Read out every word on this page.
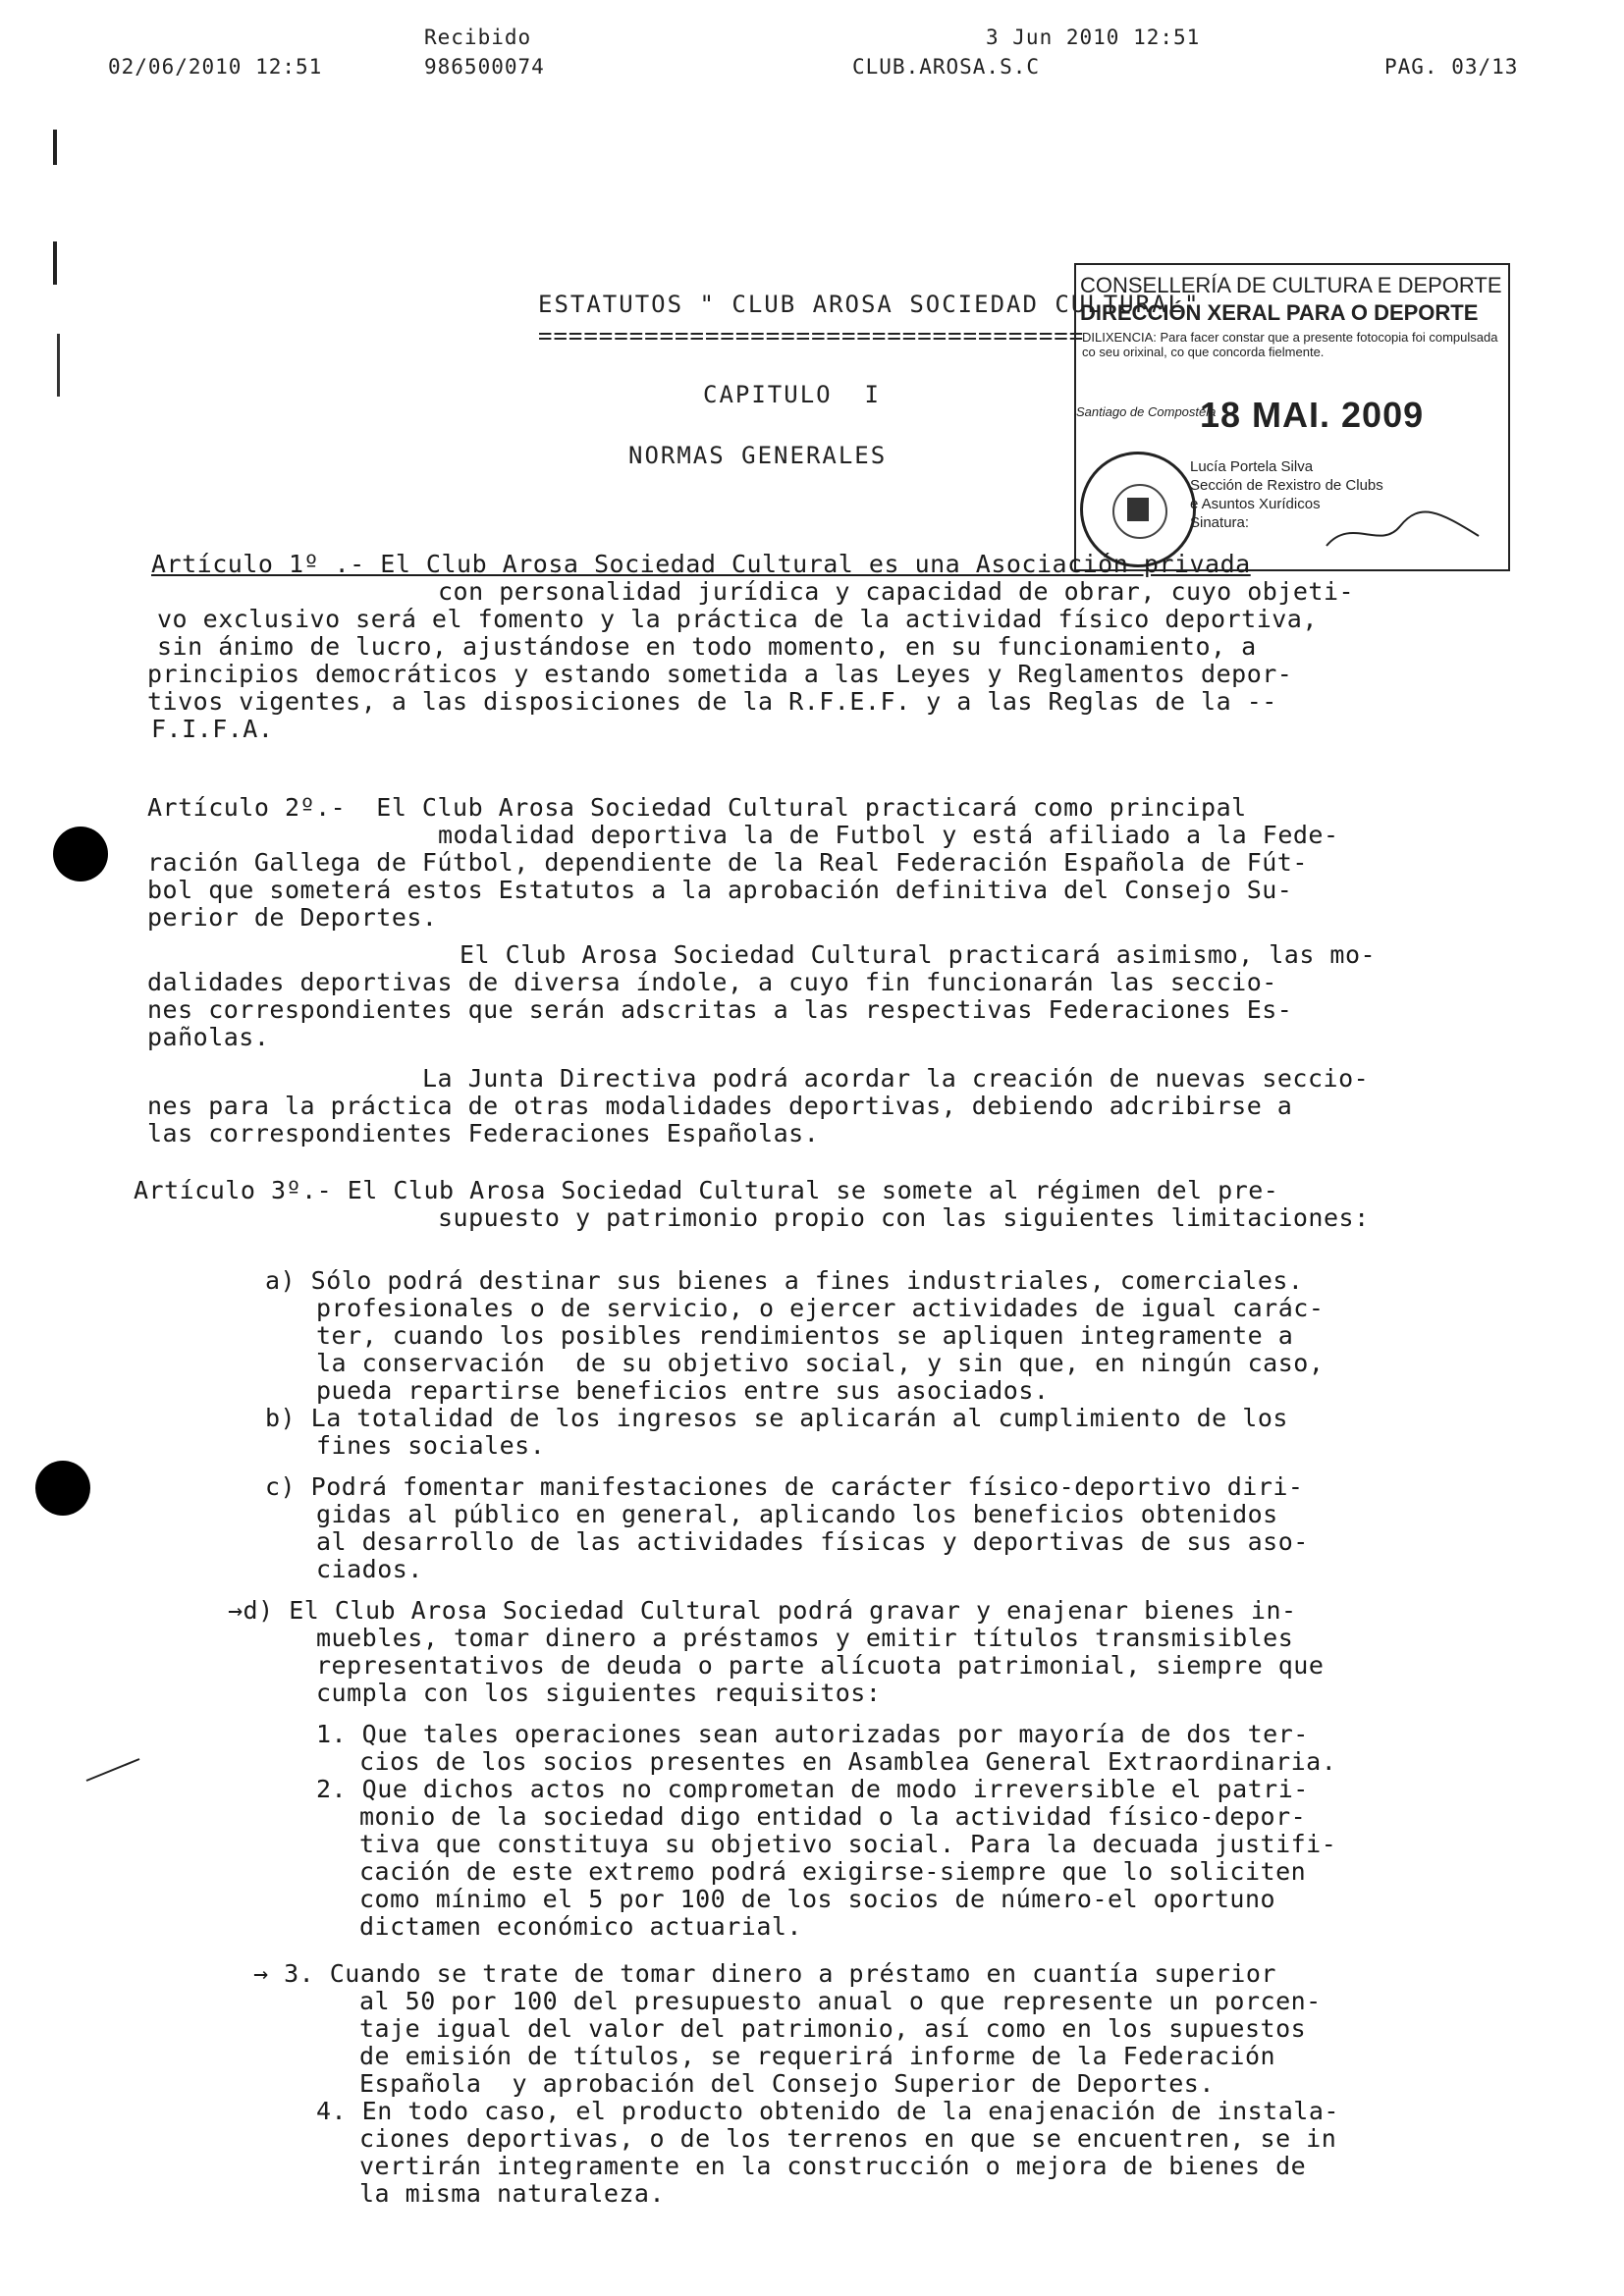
Recibido	3 Jun 2010 12:51
02/06/2010 12:51	986500074	CLUB.AROSA.S.C	PAG. 03/13
ESTATUTOS " CLUB AROSA SOCIEDAD CULTURAL"
====================================
CAPITULO  I
NORMAS GENERALES
CONSELLERÍA DE CULTURA E DEPORTE
DIRECCIÓN XERAL PARA O DEPORTE
DILIXENCIA: Para facer constar que a presente fotocopia foi compulsada co seu orixinal, co que concorda fielmente.
Santiago de Compostela
18 MAI. 2009
Lucía Portela Silva
Sección de Rexistro de Clubs e Asuntos Xurídicos
Sinatura:
Artículo 1º .- El Club Arosa Sociedad Cultural es una Asociación privada
con personalidad jurídica y capacidad de obrar, cuyo objeti-
vo exclusivo será el fomento y la práctica de la actividad físico deportiva,
sin ánimo de lucro, ajustándose en todo momento, en su funcionamiento, a
principios democráticos y estando sometida a las Leyes y Reglamentos depor-
tivos vigentes, a las disposiciones de la R.F.E.F. y a las Reglas de la --
F.I.F.A.
Artículo 2º.-  El Club Arosa Sociedad Cultural practicará como principal
modalidad deportiva la de Futbol y está afiliado a la Fede-
ración Gallega de Fútbol, dependiente de la Real Federación Española de Fút-
bol que someterá estos Estatutos a la aprobación definitiva del Consejo Su-
perior de Deportes.
El Club Arosa Sociedad Cultural practicará asimismo, las mo-
dalidades deportivas de diversa índole, a cuyo fin funcionarán las seccio-
nes correspondientes que serán adscritas a las respectivas Federaciones Es-
pañolas.
La Junta Directiva podrá acordar la creación de nuevas seccio-
nes para la práctica de otras modalidades deportivas, debiendo adcribirse a
las correspondientes Federaciones Españolas.
Artículo 3º.- El Club Arosa Sociedad Cultural se somete al régimen del pre-
supuesto y patrimonio propio con las siguientes limitaciones:
a) Sólo podrá destinar sus bienes a fines industriales, comerciales.
profesionales o de servicio, o ejercer actividades de igual carác-
ter, cuando los posibles rendimientos se apliquen integramente a
la conservación  de su objetivo social, y sin que, en ningún caso,
pueda repartirse beneficios entre sus asociados.
b) La totalidad de los ingresos se aplicarán al cumplimiento de los
fines sociales.
c) Podrá fomentar manifestaciones de carácter físico-deportivo diri-
gidas al público en general, aplicando los beneficios obtenidos
al desarrollo de las actividades físicas y deportivas de sus aso-
ciados.
→d) El Club Arosa Sociedad Cultural podrá gravar y enajenar bienes in-
muebles, tomar dinero a préstamos y emitir títulos transmisibles
representativos de deuda o parte alícuota patrimonial, siempre que
cumpla con los siguientes requisitos:
1. Que tales operaciones sean autorizadas por mayoría de dos ter-
cios de los socios presentes en Asamblea General Extraordinaria.
2. Que dichos actos no comprometan de modo irreversible el patri-
monio de la sociedad digo entidad o la actividad físico-depor-
tiva que constituya su objetivo social. Para la decuada justifi-
cación de este extremo podrá exigirse-siempre que lo soliciten
como mínimo el 5 por 100 de los socios de número-el oportuno
dictamen económico actuarial.
→ 3. Cuando se trate de tomar dinero a préstamo en cuantía superior
al 50 por 100 del presupuesto anual o que represente un porcen-
taje igual del valor del patrimonio, así como en los supuestos
de emisión de títulos, se requerirá informe de la Federación
Española  y aprobación del Consejo Superior de Deportes.
4. En todo caso, el producto obtenido de la enajenación de instala-
ciones deportivas, o de los terrenos en que se encuentren, se in
vertirán integramente en la construcción o mejora de bienes de
la misma naturaleza.
